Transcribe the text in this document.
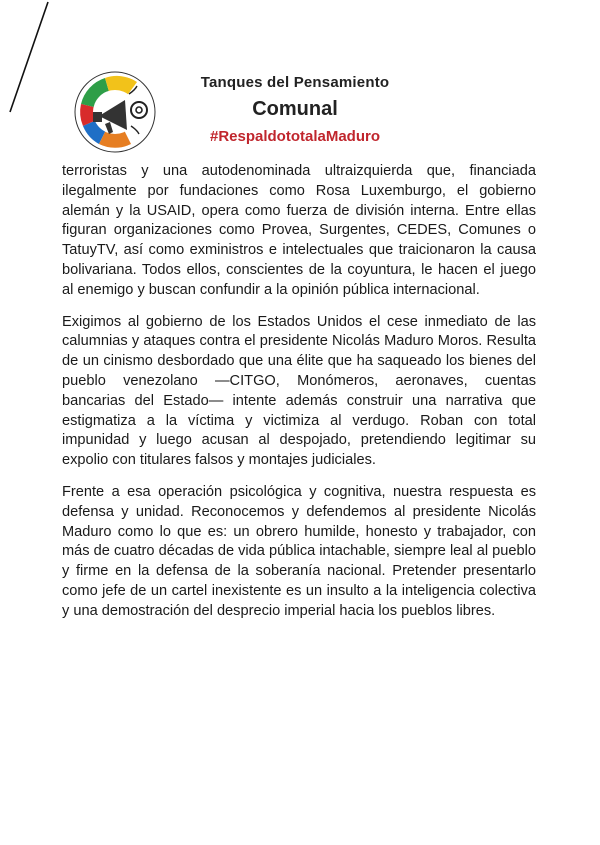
Tanques del Pensamiento

Comunal

#RespaldototalaMaduro

terroristas y una autodenominada ultraizquierda que, financiada ilegalmente por fundaciones como Rosa Luxemburgo, el gobierno alemán y la USAID, opera como fuerza de división interna. Entre ellas figuran organizaciones como Provea, Surgentes, CEDES, Comunes o TatuyTV, así como exministros e intelectuales que traicionaron la causa bolivariana. Todos ellos, conscientes de la coyuntura, le hacen el juego al enemigo y buscan confundir a la opinión pública internacional.

Exigimos al gobierno de los Estados Unidos el cese inmediato de las calumnias y ataques contra el presidente Nicolás Maduro Moros. Resulta de un cinismo desbordado que una élite que ha saqueado los bienes del pueblo venezolano —CITGO, Monómeros, aeronaves, cuentas bancarias del Estado— intente además construir una narrativa que estigmatiza a la víctima y victimiza al verdugo. Roban con total impunidad y luego acusan al despojado, pretendiendo legitimar su expolio con titulares falsos y montajes judiciales.

Frente a esa operación psicológica y cognitiva, nuestra respuesta es defensa y unidad. Reconocemos y defendemos al presidente Nicolás Maduro como lo que es: un obrero humilde, honesto y trabajador, con más de cuatro décadas de vida pública intachable, siempre leal al pueblo y firme en la defensa de la soberanía nacional. Pretender presentarlo como jefe de un cartel inexistente es un insulto a la inteligencia colectiva y una demostración del desprecio imperial hacia los pueblos libres.
